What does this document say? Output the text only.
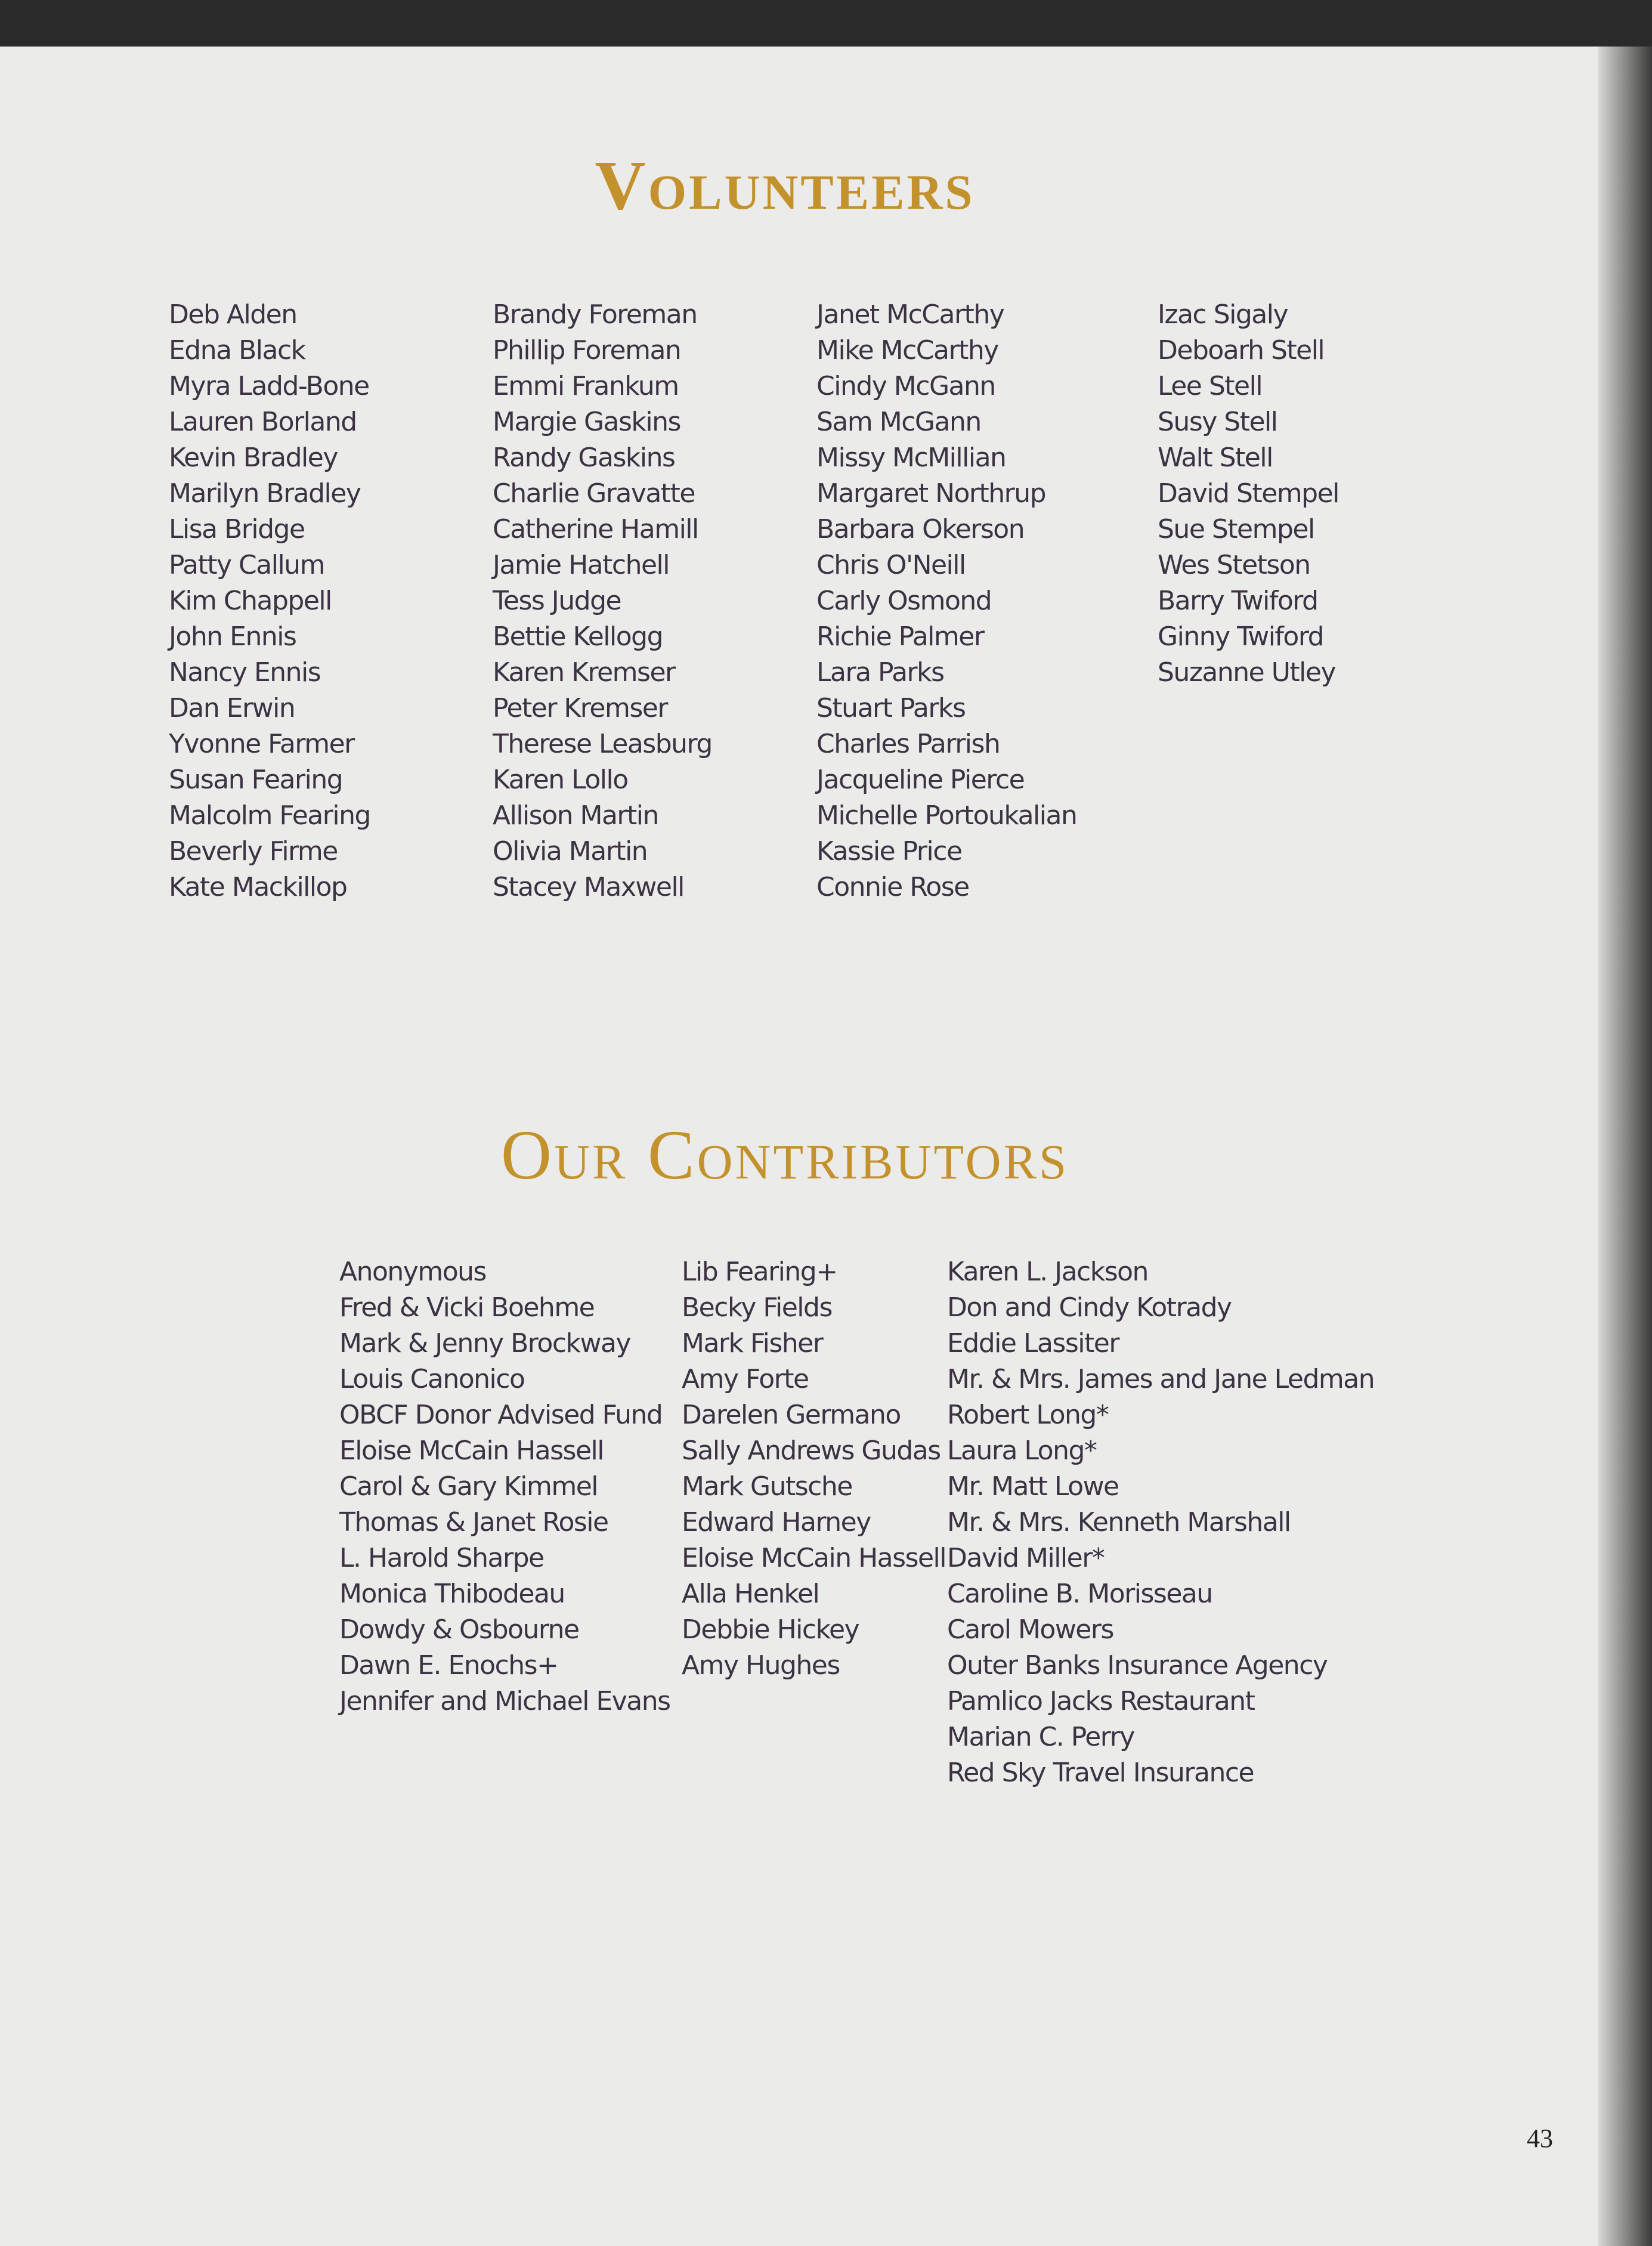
Volunteers
Deb Alden
Edna Black
Myra Ladd-Bone
Lauren Borland
Kevin Bradley
Marilyn Bradley
Lisa Bridge
Patty Callum
Kim Chappell
John Ennis
Nancy Ennis
Dan Erwin
Yvonne Farmer
Susan Fearing
Malcolm Fearing
Beverly Firme
Kate Mackillop
Brandy Foreman
Phillip Foreman
Emmi Frankum
Margie Gaskins
Randy Gaskins
Charlie Gravatte
Catherine Hamill
Jamie Hatchell
Tess Judge
Bettie Kellogg
Karen Kremser
Peter Kremser
Therese Leasburg
Karen Lollo
Allison Martin
Olivia Martin
Stacey Maxwell
Janet McCarthy
Mike McCarthy
Cindy McGann
Sam McGann
Missy McMillian
Margaret Northrup
Barbara Okerson
Chris O'Neill
Carly Osmond
Richie Palmer
Lara Parks
Stuart Parks
Charles Parrish
Jacqueline Pierce
Michelle Portoukalian
Kassie Price
Connie Rose
Izac Sigaly
Deboarh Stell
Lee Stell
Susy Stell
Walt Stell
David Stempel
Sue Stempel
Wes Stetson
Barry Twiford
Ginny Twiford
Suzanne Utley
Our Contributors
Anonymous
Fred & Vicki Boehme
Mark & Jenny Brockway
Louis Canonico
OBCF Donor Advised Fund
Eloise McCain Hassell
Carol & Gary Kimmel
Thomas & Janet Rosie
L. Harold Sharpe
Monica Thibodeau
Dowdy & Osbourne
Dawn E. Enochs+
Jennifer and Michael Evans
Lib Fearing+
Becky Fields
Mark Fisher
Amy Forte
Darelen Germano
Sally Andrews Gudas
Mark Gutsche
Edward Harney
Eloise McCain Hassell
Alla Henkel
Debbie Hickey
Amy Hughes
Karen L. Jackson
Don and Cindy Kotrady
Eddie Lassiter
Mr. & Mrs. James and Jane Ledman
Robert Long*
Laura Long*
Mr. Matt Lowe
Mr. & Mrs. Kenneth Marshall
David Miller*
Caroline B. Morisseau
Carol Mowers
Outer Banks Insurance Agency
Pamlico Jacks Restaurant
Marian C. Perry
Red Sky Travel Insurance
43
